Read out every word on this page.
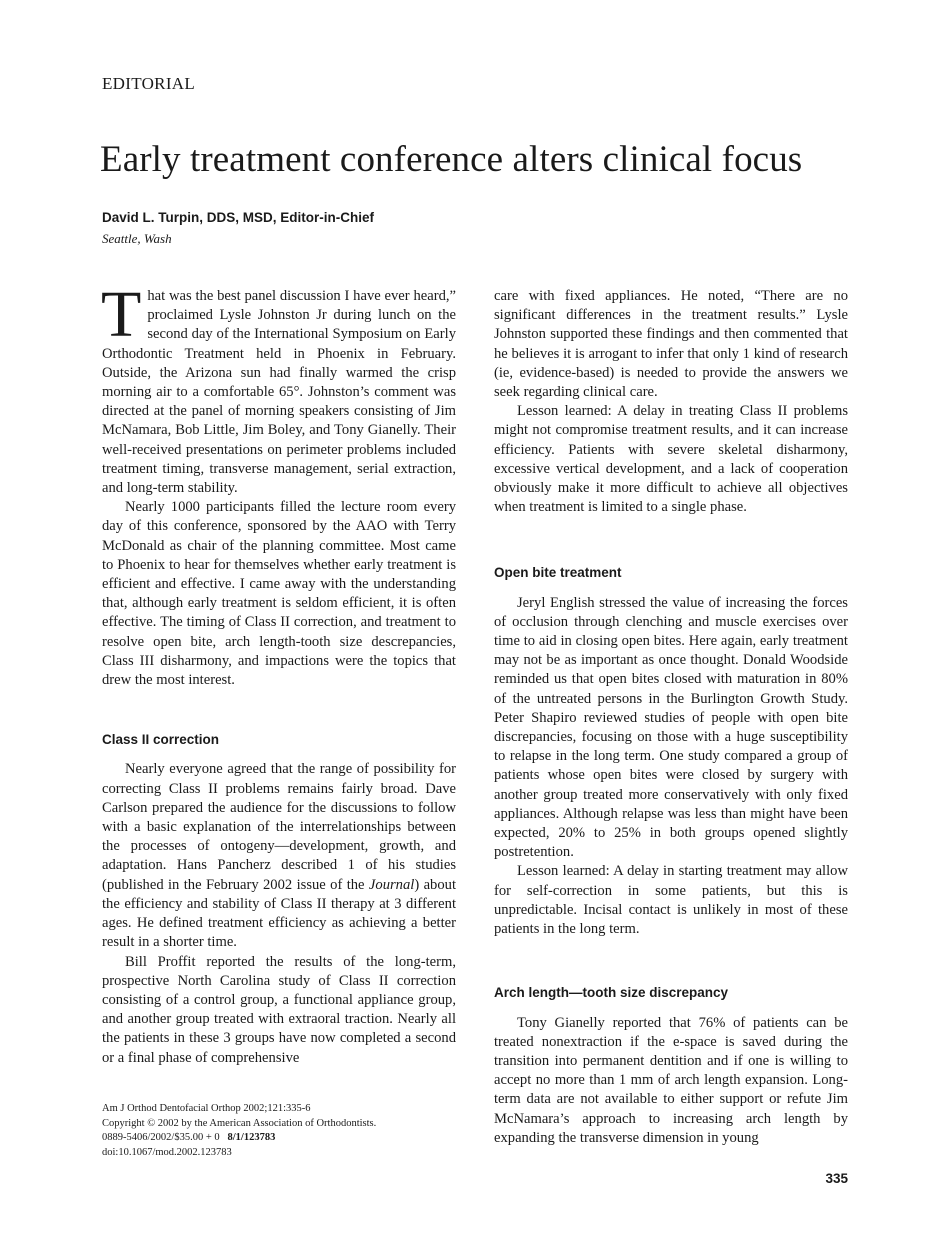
EDITORIAL
Early treatment conference alters clinical focus
David L. Turpin, DDS, MSD, Editor-in-Chief
Seattle, Wash

That was the best panel discussion I have ever heard,” proclaimed Lysle Johnston Jr during lunch on the second day of the International Symposium on Early Orthodontic Treatment held in Phoenix in February. Outside, the Arizona sun had finally warmed the crisp morning air to a comfortable 65°. Johnston’s comment was directed at the panel of morning speakers consisting of Jim McNamara, Bob Little, Jim Boley, and Tony Gianelly. Their well-received presentations on perimeter problems included treatment timing, transverse management, serial extraction, and long-term stability.

Nearly 1000 participants filled the lecture room every day of this conference, sponsored by the AAO with Terry McDonald as chair of the planning committee. Most came to Phoenix to hear for themselves whether early treatment is efficient and effective. I came away with the understanding that, although early treatment is seldom efficient, it is often effective. The timing of Class II correction, and treatment to resolve open bite, arch length-tooth size descrepancies, Class III disharmony, and impactions were the topics that drew the most interest.

Class II correction

Nearly everyone agreed that the range of possibility for correcting Class II problems remains fairly broad. Dave Carlson prepared the audience for the discussions to follow with a basic explanation of the interrelationships between the processes of ontogeny—development, growth, and adaptation. Hans Pancherz described 1 of his studies (published in the February 2002 issue of the Journal) about the efficiency and stability of Class II therapy at 3 different ages. He defined treatment efficiency as achieving a better result in a shorter time.

Bill Proffit reported the results of the long-term, prospective North Carolina study of Class II correction consisting of a control group, a functional appliance group, and another group treated with extraoral traction. Nearly all the patients in these 3 groups have now completed a second or a final phase of comprehensive

care with fixed appliances. He noted, “There are no significant differences in the treatment results.” Lysle Johnston supported these findings and then commented that he believes it is arrogant to infer that only 1 kind of research (ie, evidence-based) is needed to provide the answers we seek regarding clinical care.

Lesson learned: A delay in treating Class II problems might not compromise treatment results, and it can increase efficiency. Patients with severe skeletal disharmony, excessive vertical development, and a lack of cooperation obviously make it more difficult to achieve all objectives when treatment is limited to a single phase.

Open bite treatment

Jeryl English stressed the value of increasing the forces of occlusion through clenching and muscle exercises over time to aid in closing open bites. Here again, early treatment may not be as important as once thought. Donald Woodside reminded us that open bites closed with maturation in 80% of the untreated persons in the Burlington Growth Study. Peter Shapiro reviewed studies of people with open bite discrepancies, focusing on those with a huge susceptibility to relapse in the long term. One study compared a group of patients whose open bites were closed by surgery with another group treated more conservatively with only fixed appliances. Although relapse was less than might have been expected, 20% to 25% in both groups opened slightly postretention.

Lesson learned: A delay in starting treatment may allow for self-correction in some patients, but this is unpredictable. Incisal contact is unlikely in most of these patients in the long term.

Arch length—tooth size discrepancy

Tony Gianelly reported that 76% of patients can be treated nonextraction if the e-space is saved during the transition into permanent dentition and if one is willing to accept no more than 1 mm of arch length expansion. Long-term data are not available to either support or refute Jim McNamara’s approach to increasing arch length by expanding the transverse dimension in young

Am J Orthod Dentofacial Orthop 2002;121:335-6
Copyright © 2002 by the American Association of Orthodontists.
0889-5406/2002/$35.00 + 0 8/1/123783
doi:10.1067/mod.2002.123783
335
